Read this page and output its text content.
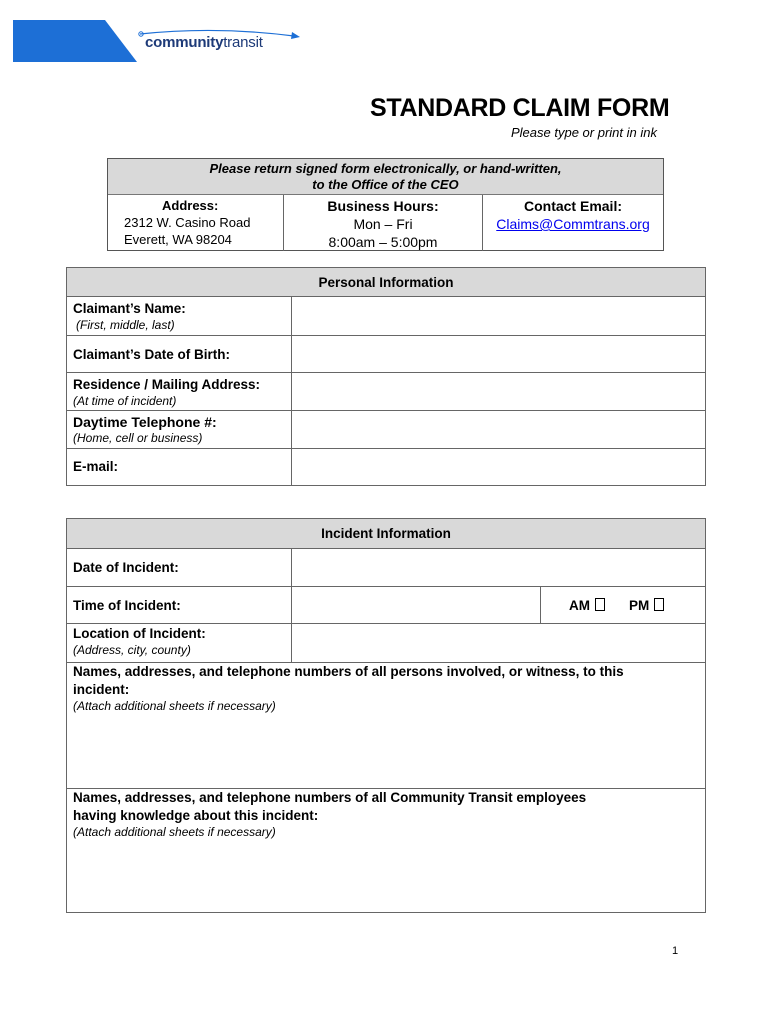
communitytransit
STANDARD CLAIM FORM
Please type or print in ink
Please return signed form electronically, or hand-written,
to the Office of the CEO
Address:
2312 W. Casino Road
Everett, WA 98204
Business Hours:
Mon – Fri
8:00am – 5:00pm
Contact Email:
Claims@Commtrans.org
Personal Information
Claimant’s Name:
(First, middle, last)
Claimant’s Date of Birth:
Residence / Mailing Address:
(At time of incident)
Daytime Telephone #:
(Home, cell or business)
E-mail:
Incident Information
Date of Incident:
Time of Incident:	AM	PM
Location of Incident:
(Address, city, county)
Names, addresses, and telephone numbers of all persons involved, or witness, to this
incident:
(Attach additional sheets if necessary)
Names, addresses, and telephone numbers of all Community Transit employees
having knowledge about this incident:
(Attach additional sheets if necessary)
1
